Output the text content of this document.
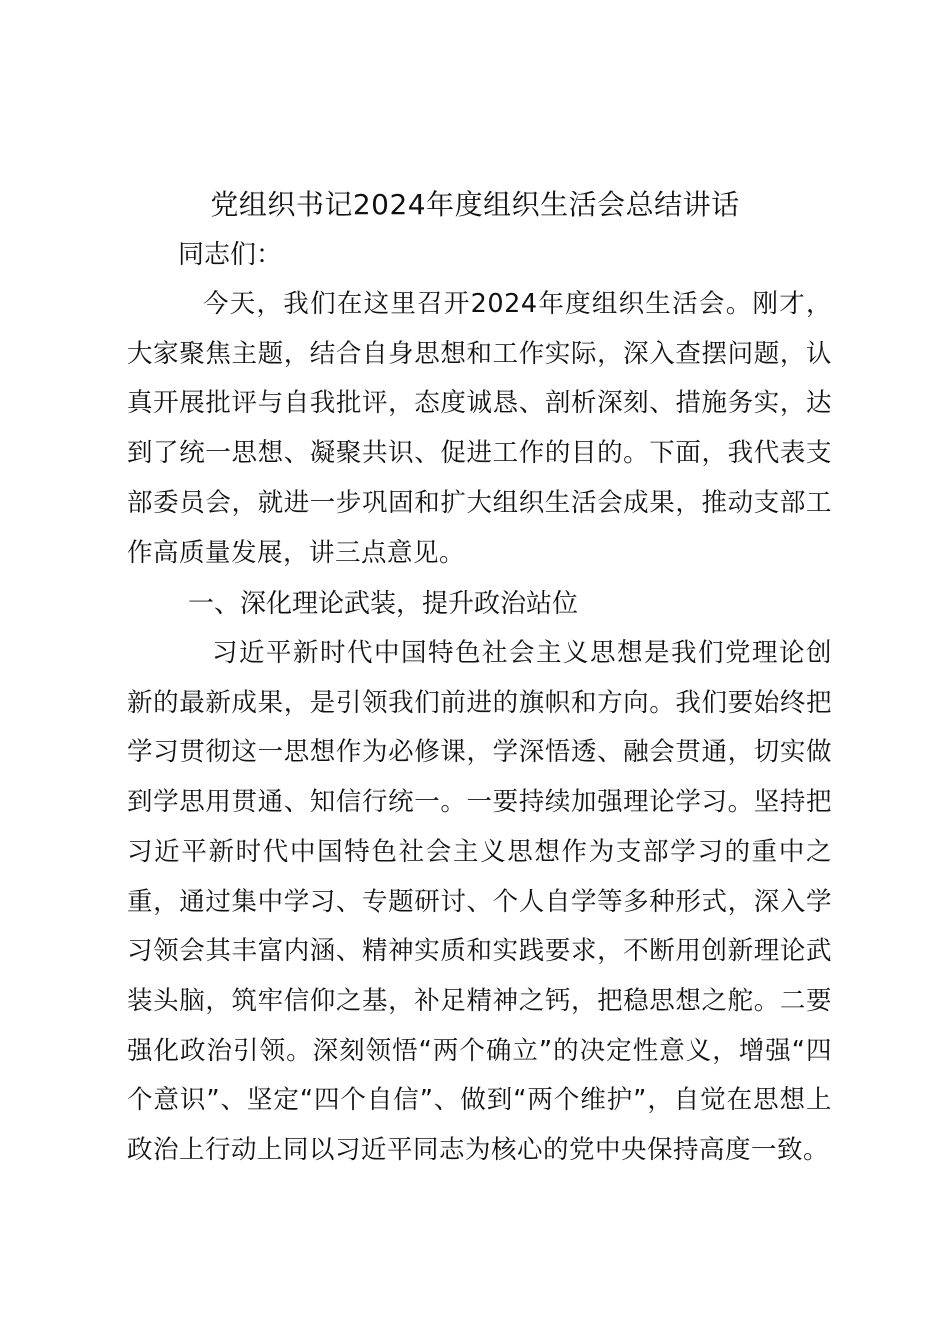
党组织书记2024年度组织生活会总结讲话

同志们：

今天，我们在这里召开2024年度组织生活会。刚才，大家聚焦主题，结合自身思想和工作实际，深入查摆问题，认真开展批评与自我批评，态度诚恳、剖析深刻、措施务实，达到了统一思想、凝聚共识、促进工作的目的。下面，我代表支部委员会，就进一步巩固和扩大组织生活会成果，推动支部工作高质量发展，讲三点意见。

一、深化理论武装，提升政治站位

习近平新时代中国特色社会主义思想是我们党理论创新的最新成果，是引领我们前进的旗帜和方向。我们要始终把学习贯彻这一思想作为必修课，学深悟透、融会贯通，切实做到学思用贯通、知信行统一。一要持续加强理论学习。坚持把习近平新时代中国特色社会主义思想作为支部学习的重中之重，通过集中学习、专题研讨、个人自学等多种形式，深入学习领会其丰富内涵、精神实质和实践要求，不断用创新理论武装头脑，筑牢信仰之基，补足精神之钙，把稳思想之舵。二要强化政治引领。深刻领悟“两个确立”的决定性意义，增强“四个意识”、坚定“四个自信”、做到“两个维护”，自觉在思想上政治上行动上同以习近平同志为核心的党中央保持高度一致。
